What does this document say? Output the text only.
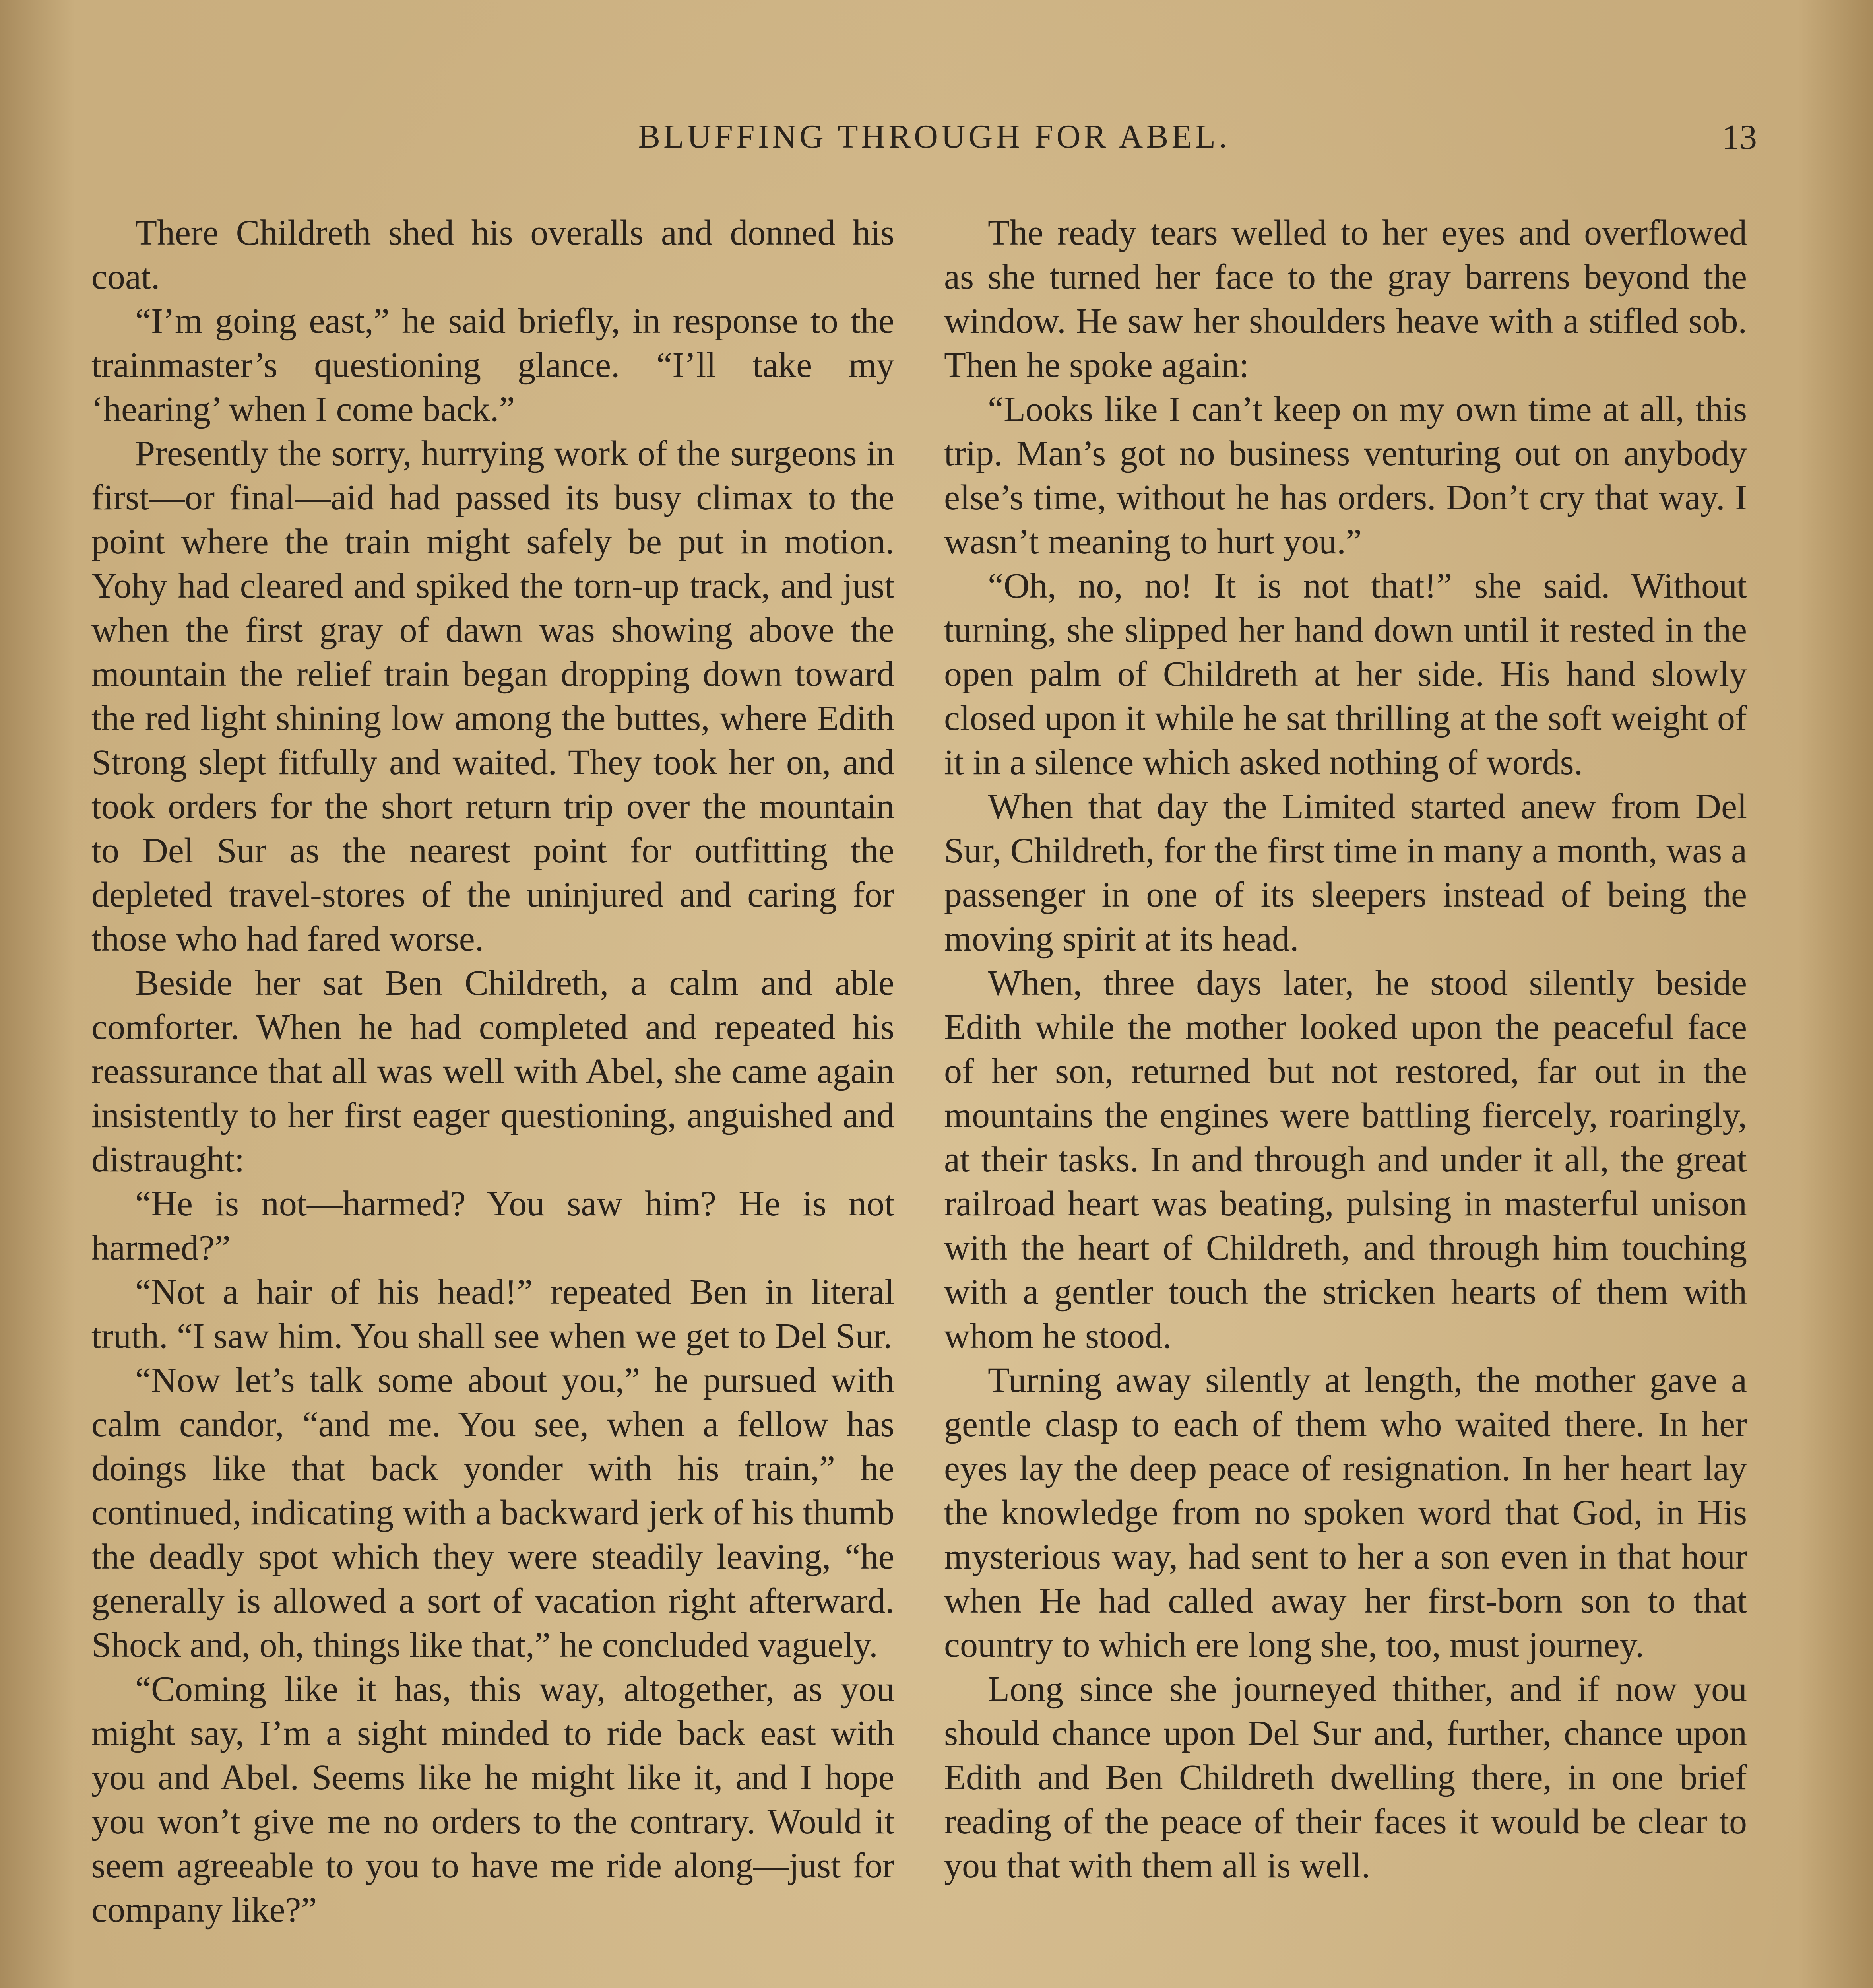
BLUFFING THROUGH FOR ABEL.	13

There Childreth shed his overalls and donned his coat.

“I’m going east,” he said briefly, in response to the trainmaster’s questioning glance. “I’ll take my ‘hearing’ when I come back.”

Presently the sorry, hurrying work of the surgeons in first—or final—aid had passed its busy climax to the point where the train might safely be put in motion. Yohy had cleared and spiked the torn-up track, and just when the first gray of dawn was showing above the mountain the relief train began dropping down toward the red light shining low among the buttes, where Edith Strong slept fitfully and waited. They took her on, and took orders for the short return trip over the mountain to Del Sur as the nearest point for outfitting the depleted travel-stores of the uninjured and caring for those who had fared worse.

Beside her sat Ben Childreth, a calm and able comforter. When he had completed and repeated his reassurance that all was well with Abel, she came again insistently to her first eager questioning, anguished and distraught:

“He is not—harmed? You saw him? He is not harmed?”

“Not a hair of his head!” repeated Ben in literal truth. “I saw him. You shall see when we get to Del Sur.

“Now let’s talk some about you,” he pursued with calm candor, “and me. You see, when a fellow has doings like that back yonder with his train,” he continued, indicating with a backward jerk of his thumb the deadly spot which they were steadily leaving, “he generally is allowed a sort of vacation right afterward. Shock and, oh, things like that,” he concluded vaguely.

“Coming like it has, this way, altogether, as you might say, I’m a sight minded to ride back east with you and Abel. Seems like he might like it, and I hope you won’t give me no orders to the contrary. Would it seem agreeable to you to have me ride along—just for company like?”

The ready tears welled to her eyes and overflowed as she turned her face to the gray barrens beyond the window. He saw her shoulders heave with a stifled sob. Then he spoke again:

“Looks like I can’t keep on my own time at all, this trip. Man’s got no business venturing out on anybody else’s time, without he has orders. Don’t cry that way. I wasn’t meaning to hurt you.”

“Oh, no, no! It is not that!” she said. Without turning, she slipped her hand down until it rested in the open palm of Childreth at her side. His hand slowly closed upon it while he sat thrilling at the soft weight of it in a silence which asked nothing of words.

When that day the Limited started anew from Del Sur, Childreth, for the first time in many a month, was a passenger in one of its sleepers instead of being the moving spirit at its head.

When, three days later, he stood silently beside Edith while the mother looked upon the peaceful face of her son, returned but not restored, far out in the mountains the engines were battling fiercely, roaringly, at their tasks. In and through and under it all, the great railroad heart was beating, pulsing in masterful unison with the heart of Childreth, and through him touching with a gentler touch the stricken hearts of them with whom he stood.

Turning away silently at length, the mother gave a gentle clasp to each of them who waited there. In her eyes lay the deep peace of resignation. In her heart lay the knowledge from no spoken word that God, in His mysterious way, had sent to her a son even in that hour when He had called away her first-born son to that country to which ere long she, too, must journey.

Long since she journeyed thither, and if now you should chance upon Del Sur and, further, chance upon Edith and Ben Childreth dwelling there, in one brief reading of the peace of their faces it would be clear to you that with them all is well.
